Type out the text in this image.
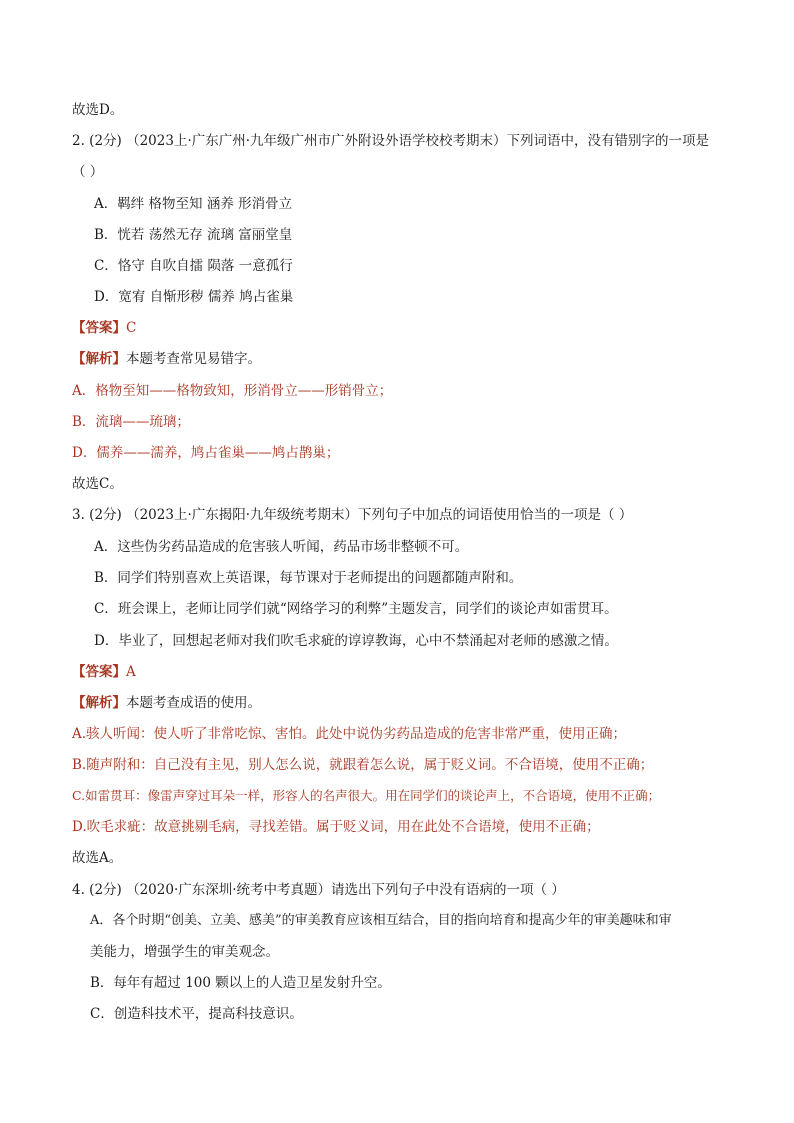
故选D。
2. (2分) （2023上·广东广州·九年级广州市广外附设外语学校校考期末）下列词语中，没有错别字的一项是
（ ）
A．羁绊 格物至知 涵养 形消骨立
B．恍若 荡然无存 流璃 富丽堂皇
C．恪守 自吹自擂 陨落 一意孤行
D．宽宥 自惭形秽 儒养 鸠占雀巢
【答案】C
【解析】本题考查常见易错字。
A．格物至知——格物致知，形消骨立——形销骨立；
B．流璃——琉璃；
D．儒养——濡养，鸠占雀巢——鸠占鹊巢；
故选C。
3. (2分) （2023上·广东揭阳·九年级统考期末）下列句子中加点的词语使用恰当的一项是（ ）
A．这些伪劣药品造成的危害骇人听闻，药品市场非整顿不可。
B．同学们特别喜欢上英语课，每节课对于老师提出的问题都随声附和。
C．班会课上，老师让同学们就“网络学习的利弊”主题发言，同学们的谈论声如雷贯耳。
D．毕业了，回想起老师对我们吹毛求疵的谆谆教诲，心中不禁涌起对老师的感激之情。
【答案】A
【解析】本题考查成语的使用。
A.骇人听闻：使人听了非常吃惊、害怕。此处中说伪劣药品造成的危害非常严重，使用正确；
B.随声附和：自己没有主见，别人怎么说，就跟着怎么说，属于贬义词。不合语境，使用不正确；
C.如雷贯耳：像雷声穿过耳朵一样，形容人的名声很大。用在同学们的谈论声上，不合语境，使用不正确；
D.吹毛求疵：故意挑剔毛病，寻找差错。属于贬义词，用在此处不合语境，使用不正确；
故选A。
4. (2分) （2020·广东深圳·统考中考真题）请选出下列句子中没有语病的一项（ ）
A．各个时期“创美、立美、感美”的审美教育应该相互结合，目的指向培育和提高少年的审美趣味和审
美能力，增强学生的审美观念。
B．每年有超过 100 颗以上的人造卫星发射升空。
C．创造科技术平，提高科技意识。
